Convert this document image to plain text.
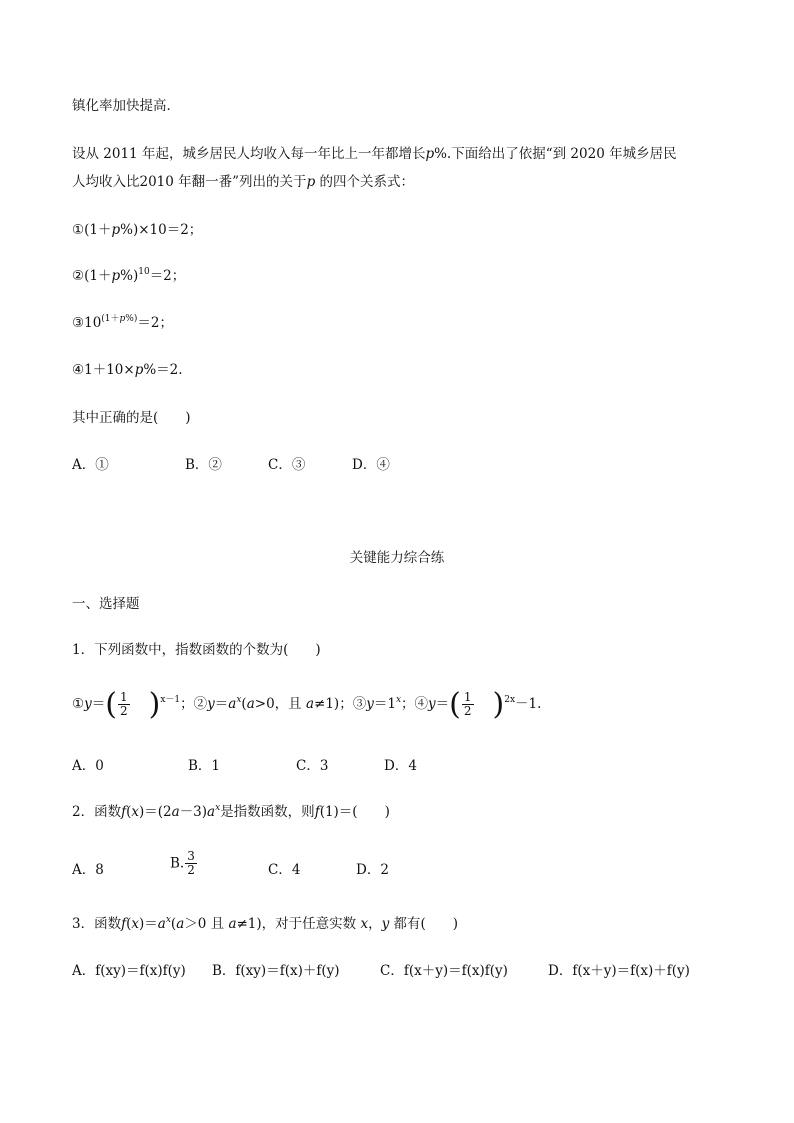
镇化率加快提高．
设从 2011 年起，城乡居民人均收入每一年比上一年都增长p%.下面给出了依据“到 2020 年城乡居民
人均收入比2010 年翻一番”列出的关于p 的四个关系式：
①(1＋p%)×10＝2；
$②(1+p\%)^{10}=2$；
$③10^{(1+p\%)}=2$；
④1＋10×p%＝2.
其中正确的是(　　)
A．①	B．②	C．③	D．④
关键能力综合练
一、选择题
1．下列函数中，指数函数的个数为(　　)
①y＝( $\frac{1}{2} )^{x-1}$；$②y=a^x(a>0$，且 a≠1)；$③y=1^x$；④y＝( $\frac{1}{2} )^{2x}-1$.
A．0	B．1	C．3	D．4
2．函数$f(x)=(2a-3)a^x$是指数函数，则f(1)＝(　　)
A．8	B. $\frac{3}{2}$	C．4	D．2
3．函数$f(x)=a^x(a>0$ 且 a≠1)，对于任意实数 x，y 都有(　　)
A．f(xy)＝f(x)f(y) B．f(xy)＝f(x)＋f(y)	C．f(x＋y)＝f(x)f(y)	D．f(x＋y)＝f(x)＋f(y)
